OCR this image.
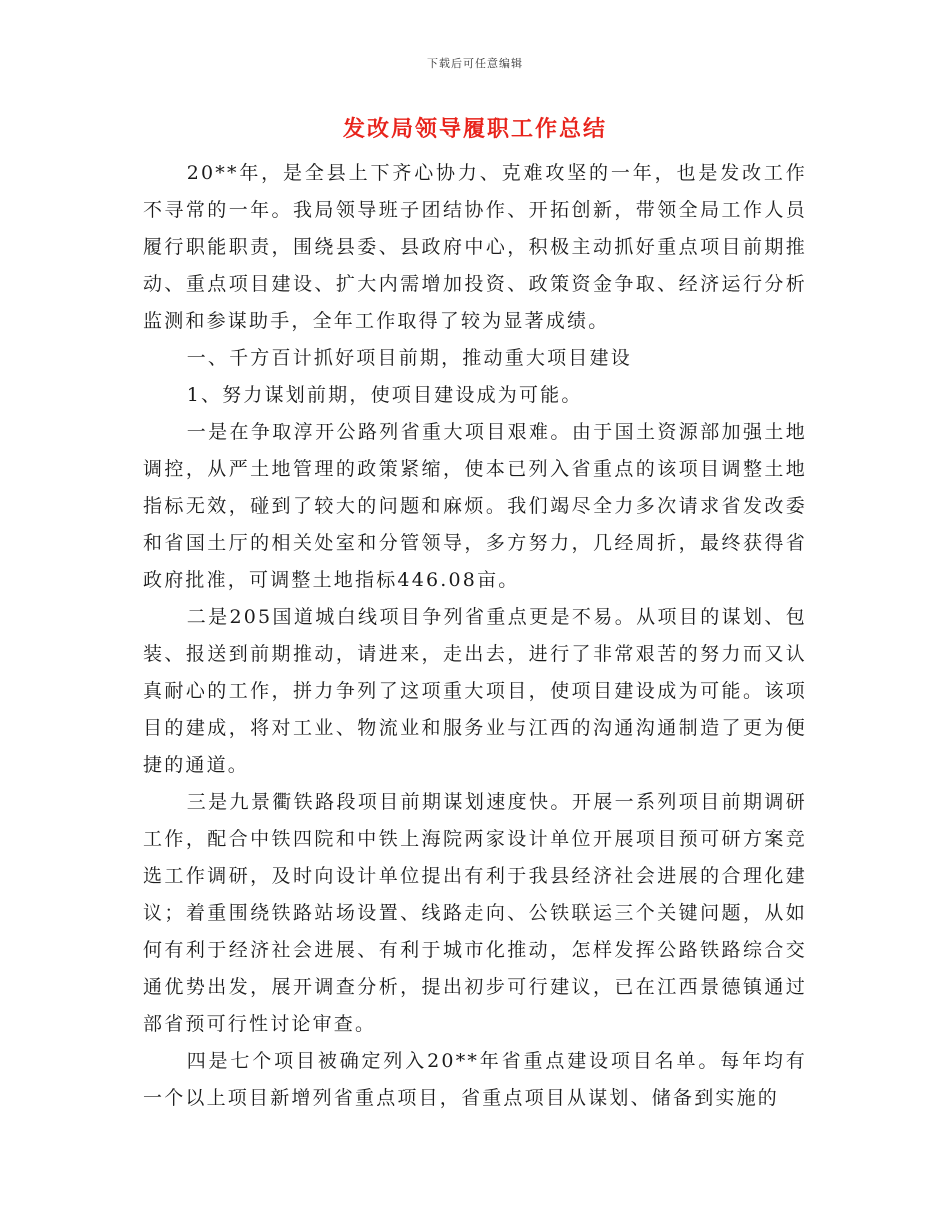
下载后可任意编辑
发改局领导履职工作总结

20**年，是全县上下齐心协力、克难攻坚的一年，也是发改工作不寻常的一年。我局领导班子团结协作、开拓创新，带领全局工作人员履行职能职责，围绕县委、县政府中心，积极主动抓好重点项目前期推动、重点项目建设、扩大内需增加投资、政策资金争取、经济运行分析监测和参谋助手，全年工作取得了较为显著成绩。

一、千方百计抓好项目前期，推动重大项目建设

1、努力谋划前期，使项目建设成为可能。

一是在争取淳开公路列省重大项目艰难。由于国土资源部加强土地调控，从严土地管理的政策紧缩，使本已列入省重点的该项目调整土地指标无效，碰到了较大的问题和麻烦。我们竭尽全力多次请求省发改委和省国土厅的相关处室和分管领导，多方努力，几经周折，最终获得省政府批准，可调整土地指标446.08亩。

二是205国道城白线项目争列省重点更是不易。从项目的谋划、包装、报送到前期推动，请进来，走出去，进行了非常艰苦的努力而又认真耐心的工作，拼力争列了这项重大项目，使项目建设成为可能。该项目的建成，将对工业、物流业和服务业与江西的沟通沟通制造了更为便捷的通道。

三是九景衢铁路段项目前期谋划速度快。开展一系列项目前期调研工作，配合中铁四院和中铁上海院两家设计单位开展项目预可研方案竞选工作调研，及时向设计单位提出有利于我县经济社会进展的合理化建议；着重围绕铁路站场设置、线路走向、公铁联运三个关键问题，从如何有利于经济社会进展、有利于城市化推动，怎样发挥公路铁路综合交通优势出发，展开调查分析，提出初步可行建议，已在江西景德镇通过部省预可行性讨论审查。

四是七个项目被确定列入20**年省重点建设项目名单。每年均有一个以上项目新增列省重点项目，省重点项目从谋划、储备到实施的
